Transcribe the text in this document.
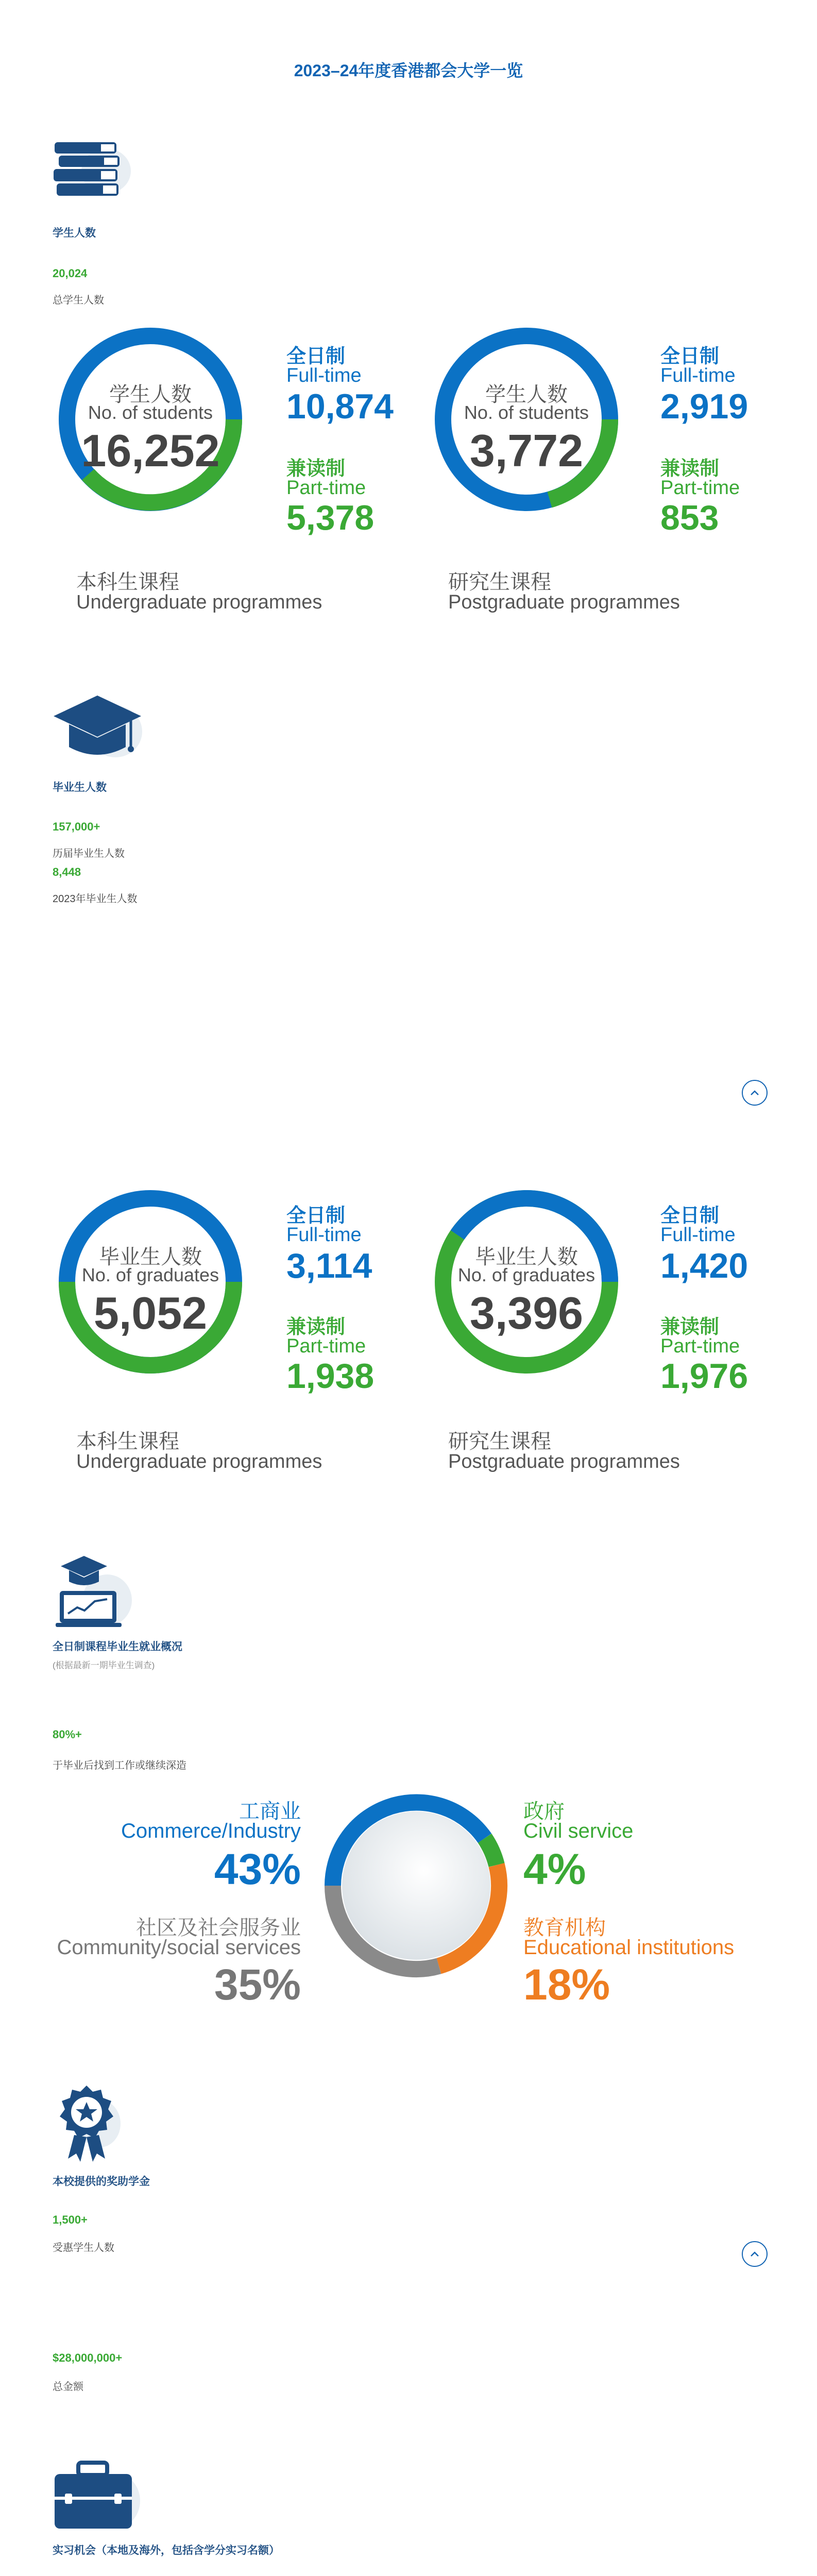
2023–24年度香港都会大学一览
学生人数
20,024
总学生人数
学生人数
No. of students
16,252
全日制
Full-time
10,874
兼读制
Part-time
5,378
本科生课程
Undergraduate programmes
学生人数
No. of students
3,772
全日制
Full-time
2,919
兼读制
Part-time
853
研究生课程
Postgraduate programmes
毕业生人数
157,000+
历届毕业生人数
8,448
2023年毕业生人数
毕业生人数
No. of graduates
5,052
全日制
Full-time
3,114
兼读制
Part-time
1,938
本科生课程
Undergraduate programmes
毕业生人数
No. of graduates
3,396
全日制
Full-time
1,420
兼读制
Part-time
1,976
研究生课程
Postgraduate programmes
全日制课程毕业生就业概况
(根据最新一期毕业生调查)
80%+
于毕业后找到工作或继续深造
工商业
Commerce/Industry
43%
社区及社会服务业
Community/social services
35%
政府
Civil service
4%
教育机构
Educational institutions
18%
本校提供的奖助学金
1,500+
受惠学生人数
$28,000,000+
总金额
实习机会（本地及海外，包括含学分实习名额）
